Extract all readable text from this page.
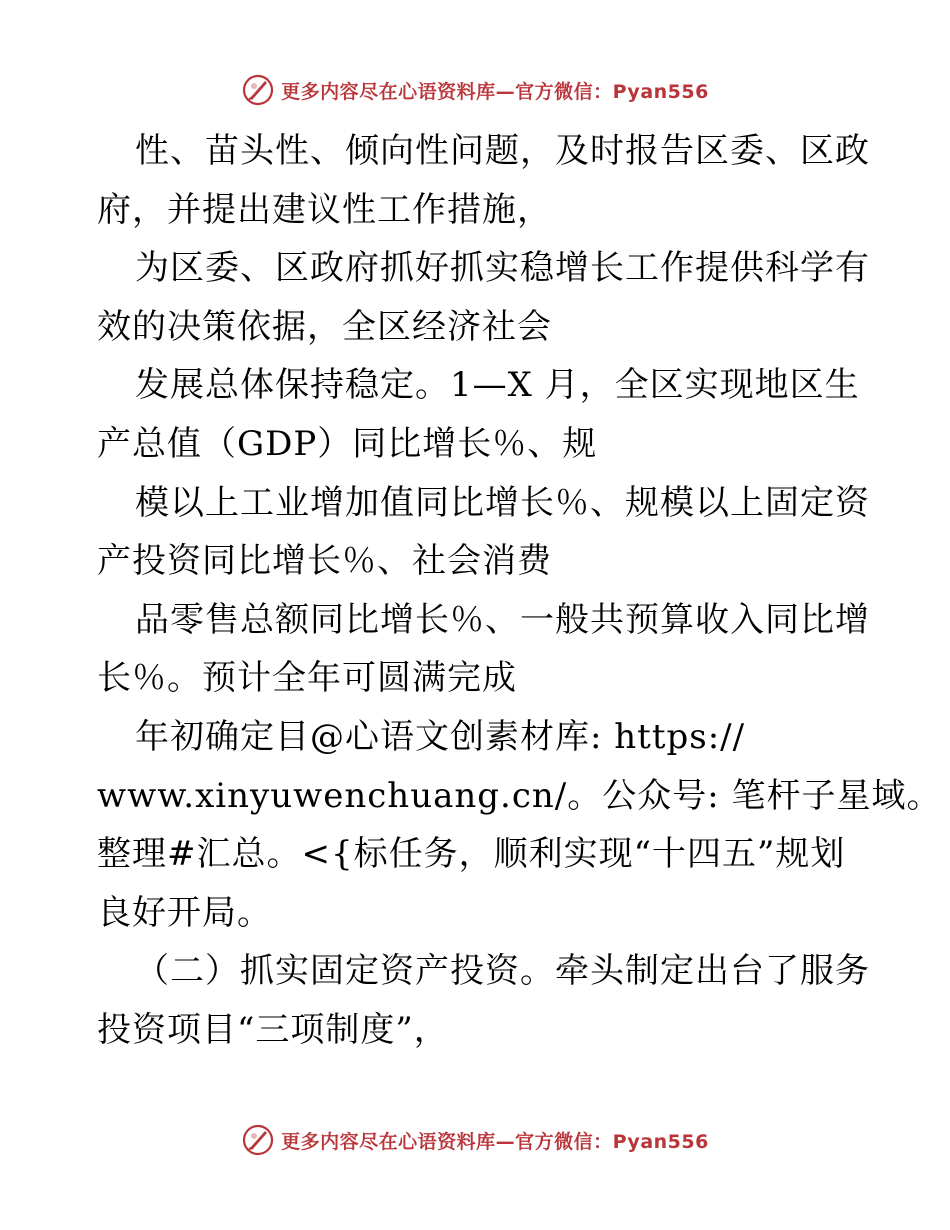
更多内容尽在心语资料库—官方微信：Pyan556
性、苗头性、倾向性问题，及时报告区委、区政
府，并提出建议性工作措施，
为区委、区政府抓好抓实稳增长工作提供科学有
效的决策依据，全区经济社会
发展总体保持稳定。1—X 月，全区实现地区生
产总值（GDP）同比增长％、规
模以上工业增加值同比增长％、规模以上固定资
产投资同比增长％、社会消费
品零售总额同比增长％、一般共预算收入同比增
长％。预计全年可圆满完成
年初确定目@心语文创素材库: https://
www.xinyuwenchuang.cn/。公众号: 笔杆子星域。
整理#汇总。<{标任务，顺利实现“十四五”规划
良好开局。
（二）抓实固定资产投资。牵头制定出台了服务
投资项目“三项制度”，
更多内容尽在心语资料库—官方微信：Pyan556
